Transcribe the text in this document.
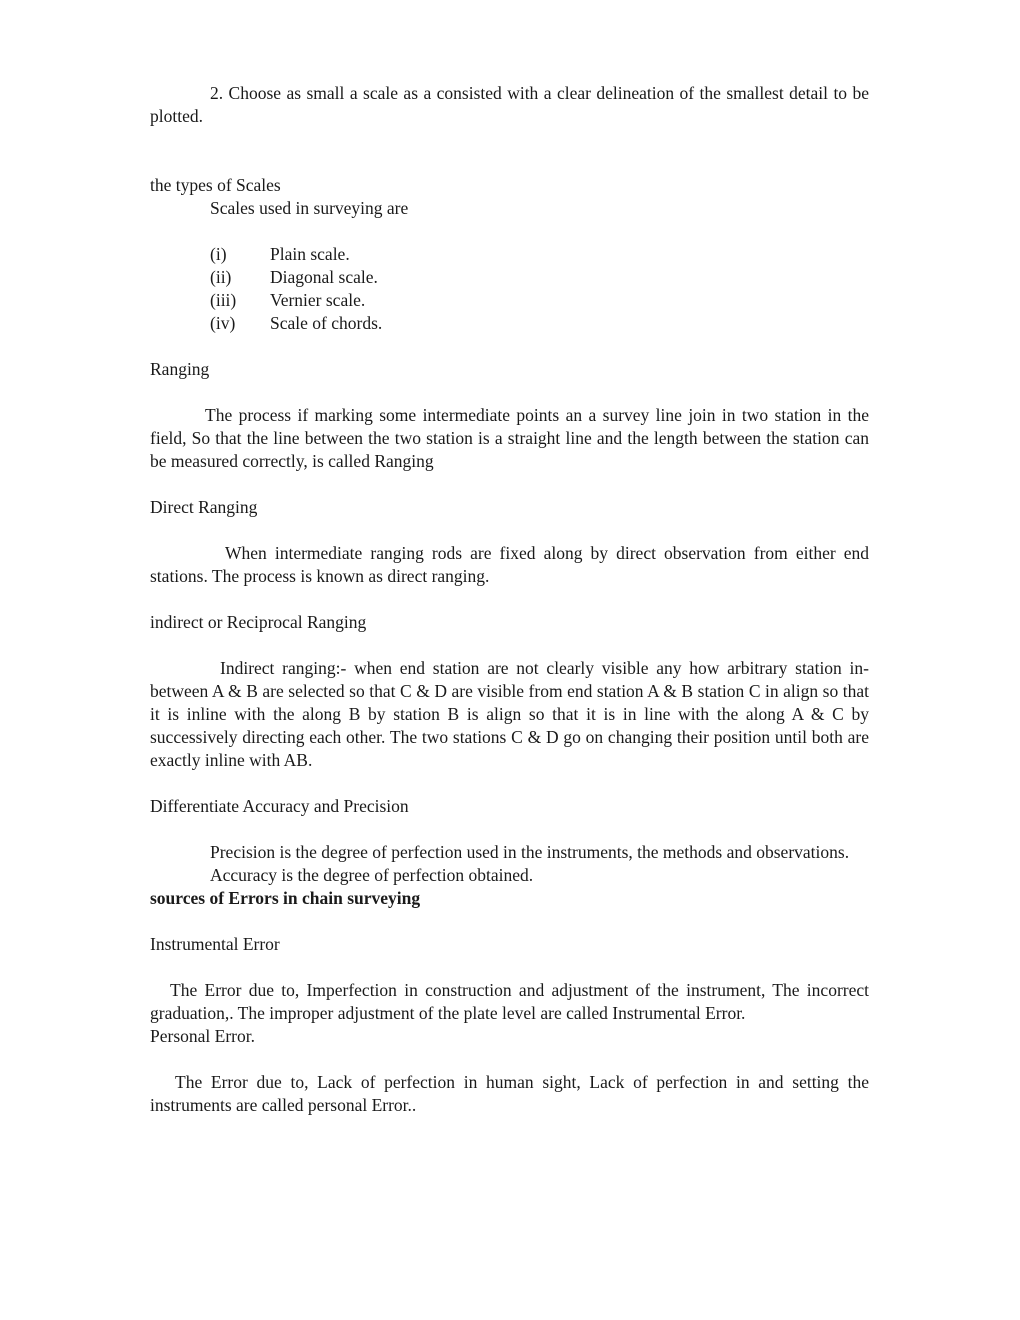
2. Choose as small a scale as a consisted with a clear delineation of the smallest detail to be plotted.

the types of Scales

Scales used in surveying are

(i)	Plain scale.
(ii)	Diagonal scale.
(iii)	Vernier scale.
(iv)	Scale of chords.

Ranging

The process if marking some intermediate points an a survey line join in two station in the field, So that the line between the two station is a straight line and the length between the station can be measured correctly, is called Ranging

Direct Ranging

When intermediate ranging rods are fixed along by direct observation from either end stations. The process is known as direct ranging.

indirect or Reciprocal Ranging

Indirect ranging:- when end station are not clearly visible any how arbitrary station in-between A & B are selected so that C & D are visible from end station A & B station C in align so that it is inline with the along B by station B is align so that it is in line with the along A & C by successively directing each other. The two stations C & D go on changing their position until both are exactly inline with AB.

Differentiate Accuracy and Precision

Precision is the degree of perfection used in the instruments, the methods and observations.

Accuracy is the degree of perfection obtained.

sources of Errors in chain surveying

Instrumental Error

The Error due to, Imperfection in construction and adjustment of the instrument, The incorrect graduation,. The improper adjustment of the plate level are called Instrumental Error.

Personal Error.

The Error due to, Lack of perfection in human sight, Lack of perfection in and setting the instruments are called personal Error..
